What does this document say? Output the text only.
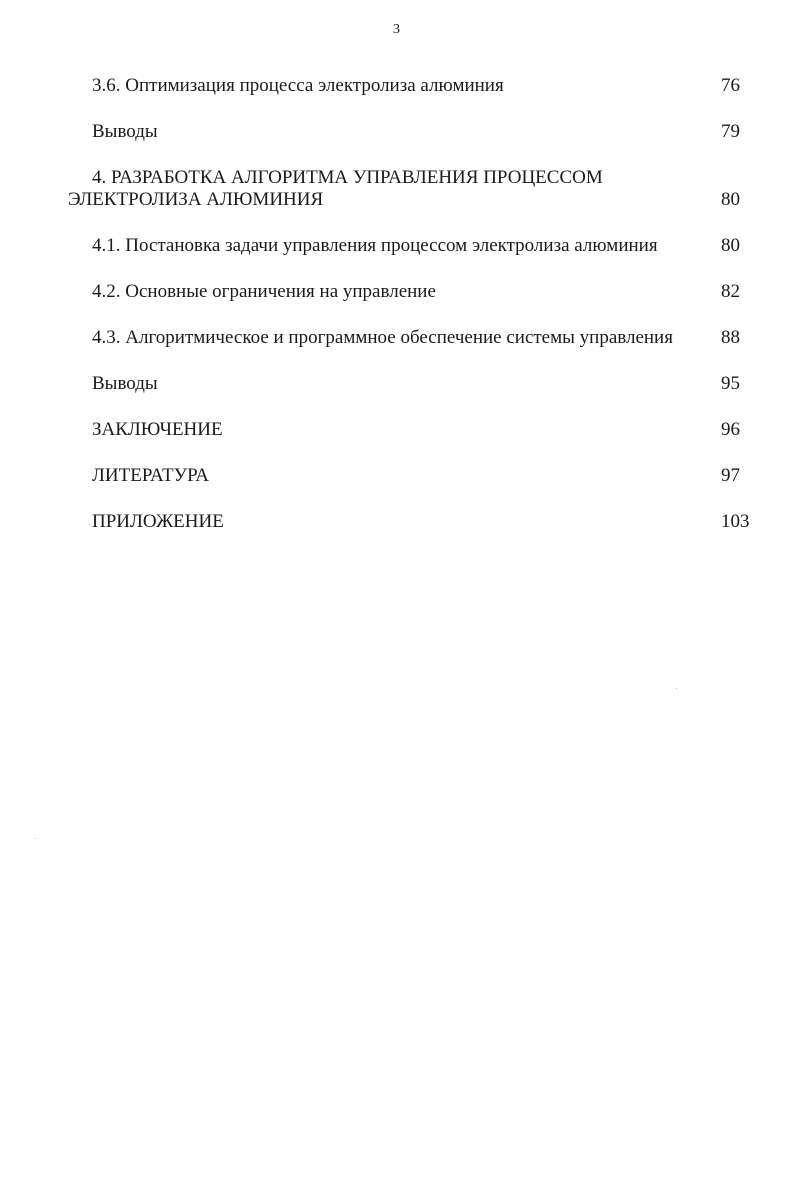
3
3.6. Оптимизация процесса электролиза алюминия	76
Выводы	79
4. РАЗРАБОТКА АЛГОРИТМА УПРАВЛЕНИЯ ПРОЦЕССОМ
ЭЛЕКТРОЛИЗА АЛЮМИНИЯ	80
4.1. Постановка задачи управления процессом электролиза алюминия	80
4.2. Основные ограничения на управление	82
4.3. Алгоритмическое и программное обеспечение системы управления	88
Выводы	95
ЗАКЛЮЧЕНИЕ	96
ЛИТЕРАТУРА	97
ПРИЛОЖЕНИЕ	103
